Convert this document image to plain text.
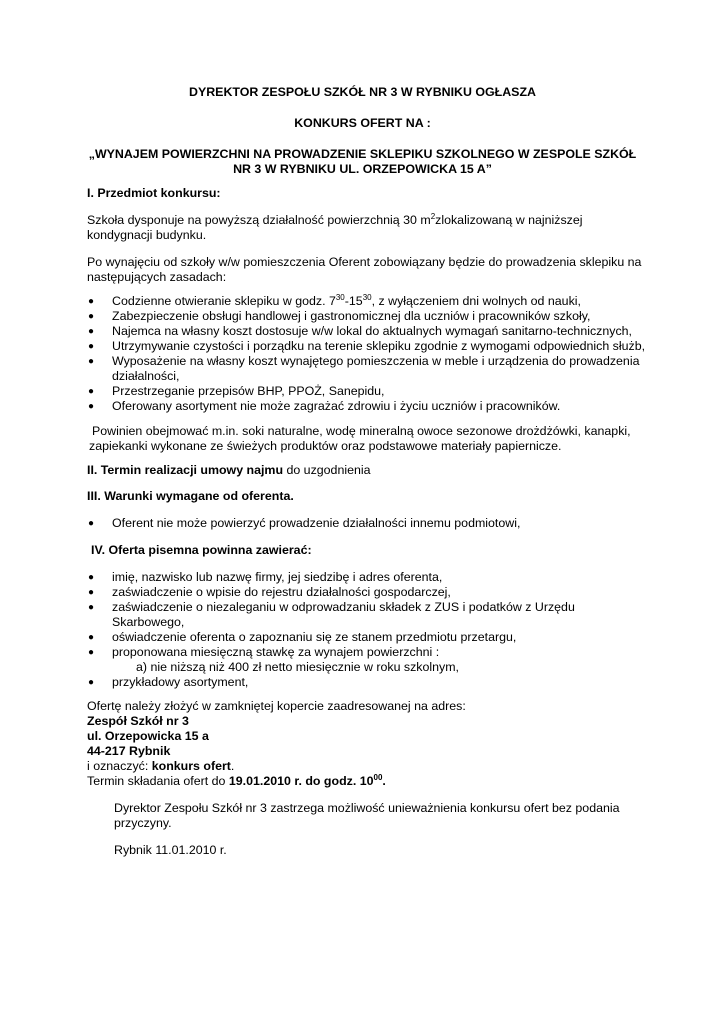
DYREKTOR ZESPOŁU SZKÓŁ NR 3 W RYBNIKU OGŁASZA
KONKURS OFERT NA :
„WYNAJEM POWIERZCHNI NA PROWADZENIE SKLEPIKU SZKOLNEGO W ZESPOLE SZKÓŁ
NR 3 W RYBNIKU UL. ORZEPOWICKA 15 A”
I. Przedmiot konkursu:
Szkoła dysponuje na powyższą działalność powierzchnią 30 $m^2zlokalizowaną$ w najniższej
kondygnacji budynku.
Po wynajęciu od szkoły w/w pomieszczenia Oferent zobowiązany będzie do prowadzenia sklepiku na
następujących zasadach:
● Codzienne otwieranie sklepiku w godz. $7^{30}-15^{30}$, z wyłączeniem dni wolnych od nauki,
● Zabezpieczenie obsługi handlowej i gastronomicznej dla uczniów i pracowników szkoły,
● Najemca na własny koszt dostosuje w/w lokal do aktualnych wymagań sanitarno-technicznych,
● Utrzymywanie czystości i porządku na terenie sklepiku zgodnie z wymogami odpowiednich służb,
● Wyposażenie na własny koszt wynajętego pomieszczenia w meble i urządzenia do prowadzenia
działalności,
● Przestrzeganie przepisów BHP, PPOŻ, Sanepidu,
● Oferowany asortyment nie może zagrażać zdrowiu i życiu uczniów i pracowników.
Powinien obejmować m.in. soki naturalne, wodę mineralną owoce sezonowe drożdżówki, kanapki,
zapiekanki wykonane ze świeżych produktów oraz podstawowe materiały papiernicze.
II. Termin realizacji umowy najmu do uzgodnienia
III. Warunki wymagane od oferenta.
● Oferent nie może powierzyć prowadzenie działalności innemu podmiotowi,
IV. Oferta pisemna powinna zawierać:
● imię, nazwisko lub nazwę firmy, jej siedzibę i adres oferenta,
● zaświadczenie o wpisie do rejestru działalności gospodarczej,
● zaświadczenie o niezaleganiu w odprowadzaniu składek z ZUS i podatków z Urzędu
Skarbowego,
● oświadczenie oferenta o zapoznaniu się ze stanem przedmiotu przetargu,
● proponowana miesięczną stawkę za wynajem powierzchni :
a) nie niższą niż 400 zł netto miesięcznie w roku szkolnym,
● przykładowy asortyment,
Ofertę należy złożyć w zamkniętej kopercie zaadresowanej na adres:
Zespół Szkół nr 3
ul. Orzepowicka 15 a
44-217 Rybnik
i oznaczyć: konkurs ofert.
Termin składania ofert do 19.01.2010 r. do godz. $10^{00}$.
Dyrektor Zespołu Szkół nr 3 zastrzega możliwość unieważnienia konkursu ofert bez podania
przyczyny.
Rybnik 11.01.2010 r.
